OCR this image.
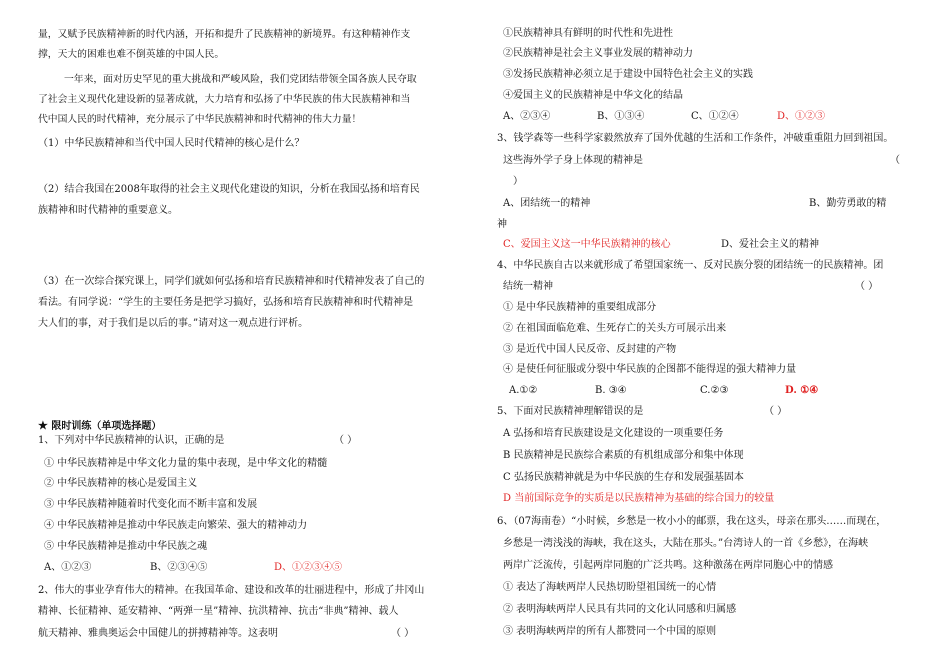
量，又赋予民族精神新的时代内涵，开拓和提升了民族精神的新境界。有这种精神作支

撑，天大的困难也难不倒英雄的中国人民。

一年来，面对历史罕见的重大挑战和严峻风险，我们党团结带领全国各族人民夺取

了社会主义现代化建设新的显著成就，大力培育和弘扬了中华民族的伟大民族精神和当

代中国人民的时代精神，充分展示了中华民族精神和时代精神的伟大力量！

（1）中华民族精神和当代中国人民时代精神的核心是什么？

（2）结合我国在2008年取得的社会主义现代化建设的知识，分析在我国弘扬和培育民

族精神和时代精神的重要意义。

（3）在一次综合探究课上，同学们就如何弘扬和培育民族精神和时代精神发表了自己的

看法。有同学说：“学生的主要任务是把学习搞好，弘扬和培育民族精神和时代精神是

大人们的事，对于我们是以后的事。”请对这一观点进行评析。

★ 限时训练（单项选择题）

1、下列对中华民族精神的认识，正确的是	（ ）

① 中华民族精神是中华文化力量的集中表现，是中华文化的精髓

② 中华民族精神的核心是爱国主义

③ 中华民族精神随着时代变化而不断丰富和发展

④ 中华民族精神是推动中华民族走向繁荣、强大的精神动力

⑤ 中华民族精神是推动中华民族之魂

A、①②③	B、②③④⑤	D、①②③④⑤

2、伟大的事业孕育伟大的精神。在我国革命、建设和改革的壮丽进程中，形成了井冈山

精神、长征精神、延安精神、“两弹一星”精神、抗洪精神、抗击“非典”精神、载人

航天精神、雅典奥运会中国健儿的拼搏精神等。这表明	（ ）

①民族精神具有鲜明的时代性和先进性

②民族精神是社会主义事业发展的精神动力

③发扬民族精神必须立足于建设中国特色社会主义的实践

④爱国主义的民族精神是中华文化的结晶

A、②③④	B、①③④	C、①②④	D、①②③

3、钱学森等一些科学家毅然放弃了国外优越的生活和工作条件，冲破重重阻力回到祖国。

这些海外学子身上体现的精神是	（

）

A、团结统一的精神	B、勤劳勇敢的精

神

C、爱国主义这一中华民族精神的核心	D、爱社会主义的精神

4、中华民族自古以来就形成了希望国家统一、反对民族分裂的团结统一的民族精神。团

结统一精神	（ ）

① 是中华民族精神的重要组成部分

② 在祖国面临危难、生死存亡的关头方可展示出来

③ 是近代中国人民反帝、反封建的产物

④ 是使任何征服或分裂中华民族的企图都不能得逞的强大精神力量

A.①②	B. ③④	C.②③	D. ①④

5、下面对民族精神理解错误的是	（ ）

A 弘扬和培育民族建设是文化建设的一项重要任务

B 民族精神是民族综合素质的有机组成部分和集中体现

C 弘扬民族精神就是为中华民族的生存和发展强基固本

D 当前国际竞争的实质是以民族精神为基础的综合国力的较量

6、（07海南卷）“小时候，乡愁是一枚小小的邮票，我在这头，母亲在那头……而现在，

乡愁是一湾浅浅的海峡，我在这头，大陆在那头。”台湾诗人的一首《乡愁》，在海峡

两岸广泛流传，引起两岸同胞的广泛共鸣。这种激荡在两岸同胞心中的情感

① 表达了海峡两岸人民热切盼望祖国统一的心情

② 表明海峡两岸人民具有共同的文化认同感和归属感

③ 表明海峡两岸的所有人都赞同一个中国的原则
